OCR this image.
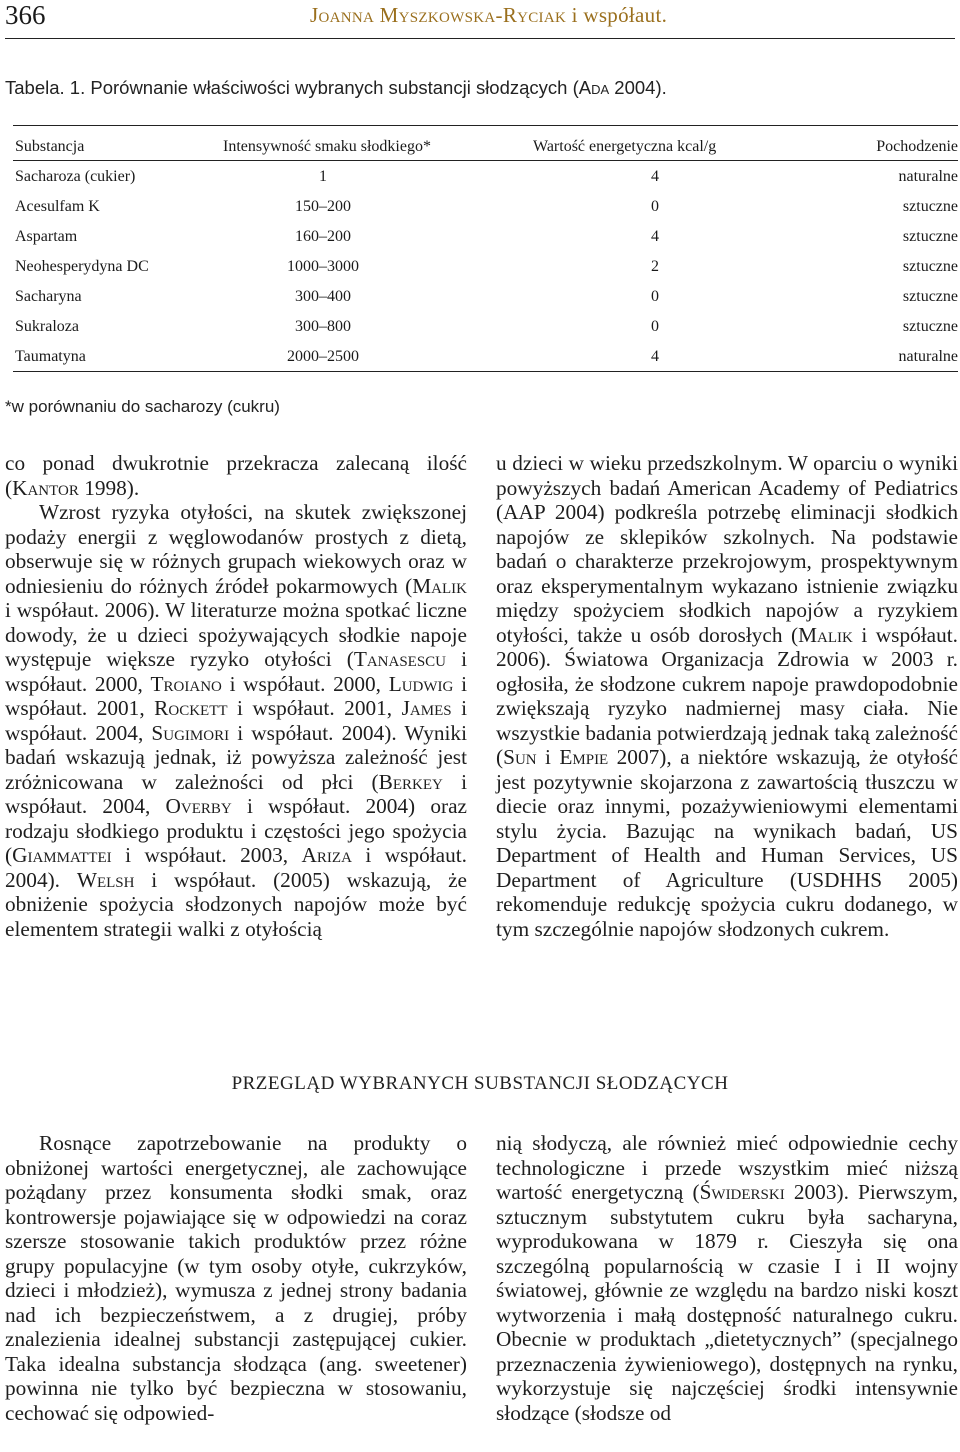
366	Joanna Myszkowska-Ryciak i współaut.
Tabela. 1. Porównanie właściwości wybranych substancji słodzących (Ada 2004).
Substancja	Intensywność smaku słodkiego*	Wartość energetyczna kcal/g	Pochodzenie
Sacharoza (cukier)	1	4	naturalne
Acesulfam K	150–200	0	sztuczne
Aspartam	160–200	4	sztuczne
Neohesperydyna DC	1000–3000	2	sztuczne
Sacharyna	300–400	0	sztuczne
Sukraloza	300–800	0	sztuczne
Taumatyna	2000–2500	4	naturalne
*w porównaniu do sacharozy (cukru)

co ponad dwukrotnie przekracza zalecaną ilość (Kantor 1998).

Wzrost ryzyka otyłości, na skutek zwiększonej podaży energii z węglowodanów prostych z dietą, obserwuje się w różnych grupach wiekowych oraz w odniesieniu do różnych źródeł pokarmowych (Malik i współaut. 2006). W literaturze można spotkać liczne dowody, że u dzieci spożywających słodkie napoje występuje większe ryzyko otyłości (Tanasescu i współaut. 2000, Troiano i współaut. 2000, Ludwig i współaut. 2001, Rockett i współaut. 2001, James i współaut. 2004, Sugimori i współaut. 2004). Wyniki badań wskazują jednak, iż powyższa zależność jest zróżnicowana w zależności od płci (Berkey i współaut. 2004, Overby i współaut. 2004) oraz rodzaju słodkiego produktu i częstości jego spożycia (Giammattei i współaut. 2003, Ariza i współaut. 2004). Welsh i współaut. (2005) wskazują, że obniżenie spożycia słodzonych napojów może być elementem strategii walki z otyłością

u dzieci w wieku przedszkolnym. W oparciu o wyniki powyższych badań American Academy of Pediatrics (AAP 2004) podkreśla potrzebę eliminacji słodkich napojów ze sklepików szkolnych. Na podstawie badań o charakterze przekrojowym, prospektywnym oraz eksperymentalnym wykazano istnienie związku między spożyciem słodkich napojów a ryzykiem otyłości, także u osób dorosłych (Malik i współaut. 2006). Światowa Organizacja Zdrowia w 2003 r. ogłosiła, że słodzone cukrem napoje prawdopodobnie zwiększają ryzyko nadmiernej masy ciała. Nie wszystkie badania potwierdzają jednak taką zależność (Sun i Empie 2007), a niektóre wskazują, że otyłość jest pozytywnie skojarzona z zawartością tłuszczu w diecie oraz innymi, pozażywieniowymi elementami stylu życia. Bazując na wynikach badań, US Department of Health and Human Services, US Department of Agriculture (USDHHS 2005) rekomenduje redukcję spożycia cukru dodanego, w tym szczególnie napojów słodzonych cukrem.

PRZEGLĄD WYBRANYCH SUBSTANCJI SŁODZĄCYCH

Rosnące zapotrzebowanie na produkty o obniżonej wartości energetycznej, ale zachowujące pożądany przez konsumenta słodki smak, oraz kontrowersje pojawiające się w odpowiedzi na coraz szersze stosowanie takich produktów przez różne grupy populacyjne (w tym osoby otyłe, cukrzyków, dzieci i młodzież), wymusza z jednej strony badania nad ich bezpieczeństwem, a z drugiej, próby znalezienia idealnej substancji zastępującej cukier. Taka idealna substancja słodząca (ang. sweetener) powinna nie tylko być bezpieczna w stosowaniu, cechować się odpowied-

nią słodyczą, ale również mieć odpowiednie cechy technologiczne i przede wszystkim mieć niższą wartość energetyczną (Świderski 2003). Pierwszym, sztucznym substytutem cukru była sacharyna, wyprodukowana w 1879 r. Cieszyła się ona szczególną popularnością w czasie I i II wojny światowej, głównie ze względu na bardzo niski koszt wytworzenia i małą dostępność naturalnego cukru. Obecnie w produktach „dietetycznych” (specjalnego przeznaczenia żywieniowego), dostępnych na rynku, wykorzystuje się najczęściej środki intensywnie słodzące (słodsze od
